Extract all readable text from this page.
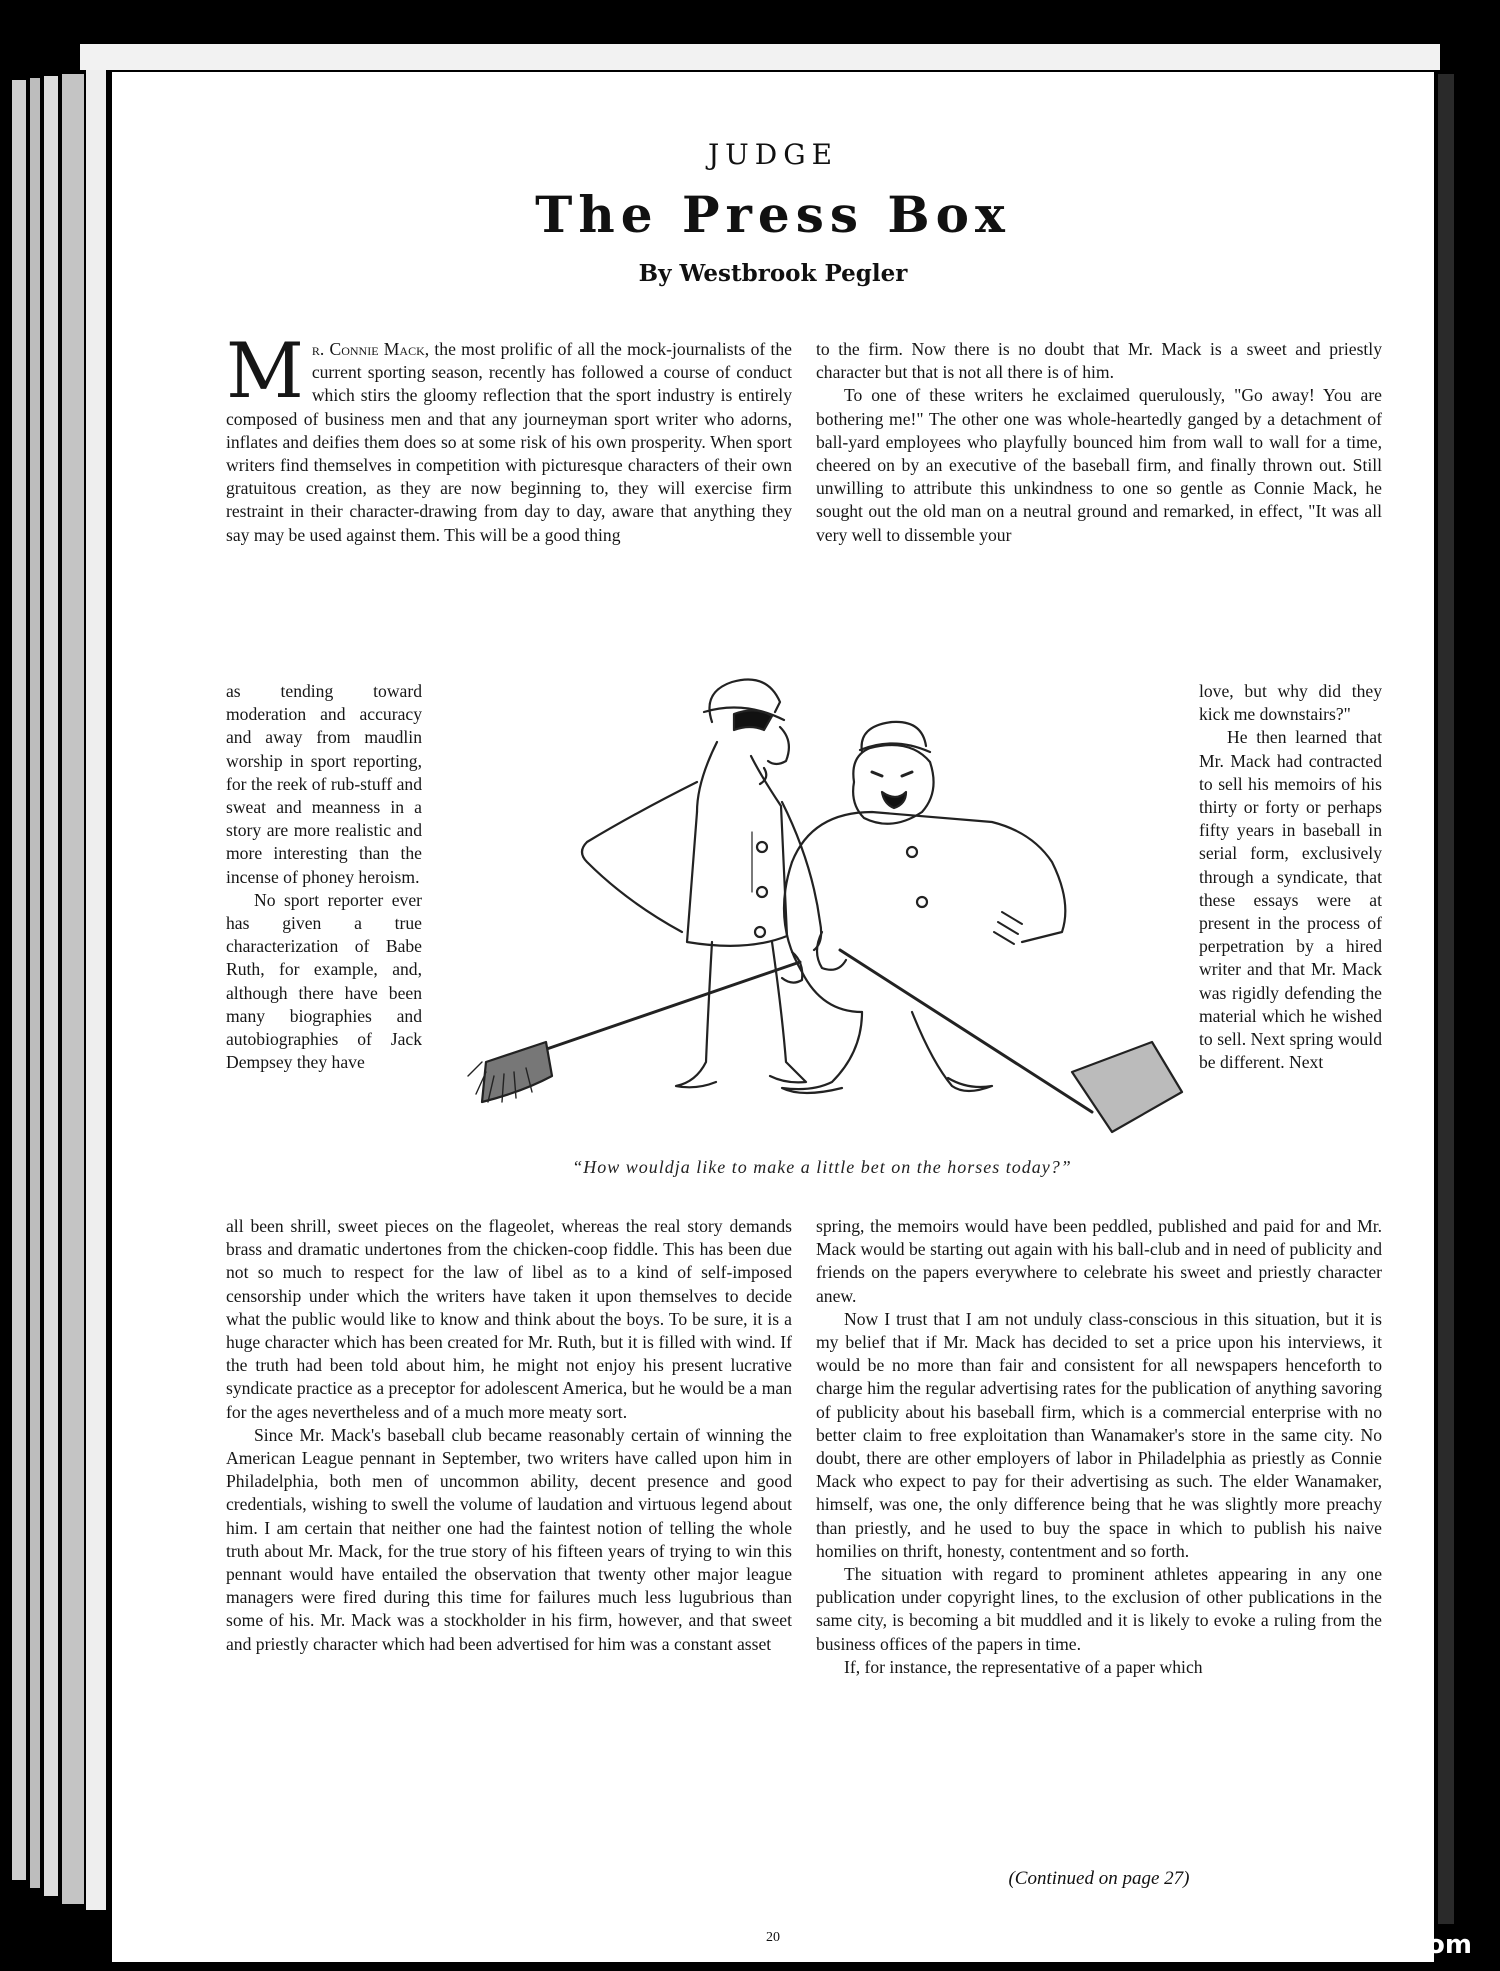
JUDGE
The Press Box
By Westbrook Pegler

Mr. Connie Mack, the most prolific of all the mock-journalists of the current sporting season, recently has followed a course of conduct which stirs the gloomy reflection that the sport industry is entirely composed of business men and that any journeyman sport writer who adorns, inflates and deifies them does so at some risk of his own prosperity. When sport writers find themselves in competition with picturesque characters of their own gratuitous creation, as they are now beginning to, they will exercise firm restraint in their character-drawing from day to day, aware that anything they say may be used against them. This will be a good thing

as tending toward moderation and accuracy and away from maudlin worship in sport reporting, for the reek of rub-stuff and sweat and meanness in a story are more realistic and more interesting than the incense of phoney heroism.

No sport reporter ever has given a true characterization of Babe Ruth, for example, and, although there have been many biographies and autobiographies of Jack Dempsey they have

all been shrill, sweet pieces on the flageolet, whereas the real story demands brass and dramatic undertones from the chicken-coop fiddle. This has been due not so much to respect for the law of libel as to a kind of self-imposed censorship under which the writers have taken it upon themselves to decide what the public would like to know and think about the boys. To be sure, it is a huge character which has been created for Mr. Ruth, but it is filled with wind. If the truth had been told about him, he might not enjoy his present lucrative syndicate practice as a preceptor for adolescent America, but he would be a man for the ages nevertheless and of a much more meaty sort.

Since Mr. Mack's baseball club became reasonably certain of winning the American League pennant in September, two writers have called upon him in Philadelphia, both men of uncommon ability, decent presence and good credentials, wishing to swell the volume of laudation and virtuous legend about him. I am certain that neither one had the faintest notion of telling the whole truth about Mr. Mack, for the true story of his fifteen years of trying to win this pennant would have entailed the observation that twenty other major league managers were fired during this time for failures much less lugubrious than some of his. Mr. Mack was a stockholder in his firm, however, and that sweet and priestly character which had been advertised for him was a constant asset

to the firm. Now there is no doubt that Mr. Mack is a sweet and priestly character but that is not all there is of him.

To one of these writers he exclaimed querulously, "Go away! You are bothering me!" The other one was whole-heartedly ganged by a detachment of ball-yard employees who playfully bounced him from wall to wall for a time, cheered on by an executive of the baseball firm, and finally thrown out. Still unwilling to attribute this unkindness to one so gentle as Connie Mack, he sought out the old man on a neutral ground and remarked, in effect, "It was all very well to dissemble your

love, but why did they kick me downstairs?"

He then learned that Mr. Mack had contracted to sell his memoirs of his thirty or forty or perhaps fifty years in baseball in serial form, exclusively through a syndicate, that these essays were at present in the process of perpetration by a hired writer and that Mr. Mack was rigidly defending the material which he wished to sell. Next spring would be different. Next

spring, the memoirs would have been peddled, published and paid for and Mr. Mack would be starting out again with his ball-club and in need of publicity and friends on the papers everywhere to celebrate his sweet and priestly character anew.

Now I trust that I am not unduly class-conscious in this situation, but it is my belief that if Mr. Mack has decided to set a price upon his interviews, it would be no more than fair and consistent for all newspapers henceforth to charge him the regular advertising rates for the publication of anything savoring of publicity about his baseball firm, which is a commercial enterprise with no better claim to free exploitation than Wanamaker's store in the same city. No doubt, there are other employers of labor in Philadelphia as priestly as Connie Mack who expect to pay for their advertising as such. The elder Wanamaker, himself, was one, the only difference being that he was slightly more preachy than priestly, and he used to buy the space in which to publish his naive homilies on thrift, honesty, contentment and so forth.

The situation with regard to prominent athletes appearing in any one publication under copyright lines, to the exclusion of other publications in the same city, is becoming a bit muddled and it is likely to evoke a ruling from the business offices of the papers in time.

If, for instance, the representative of a paper which

(Continued on page 27)
“How wouldja like to make a little bet on the horses today?”
20	comicbooks.com
